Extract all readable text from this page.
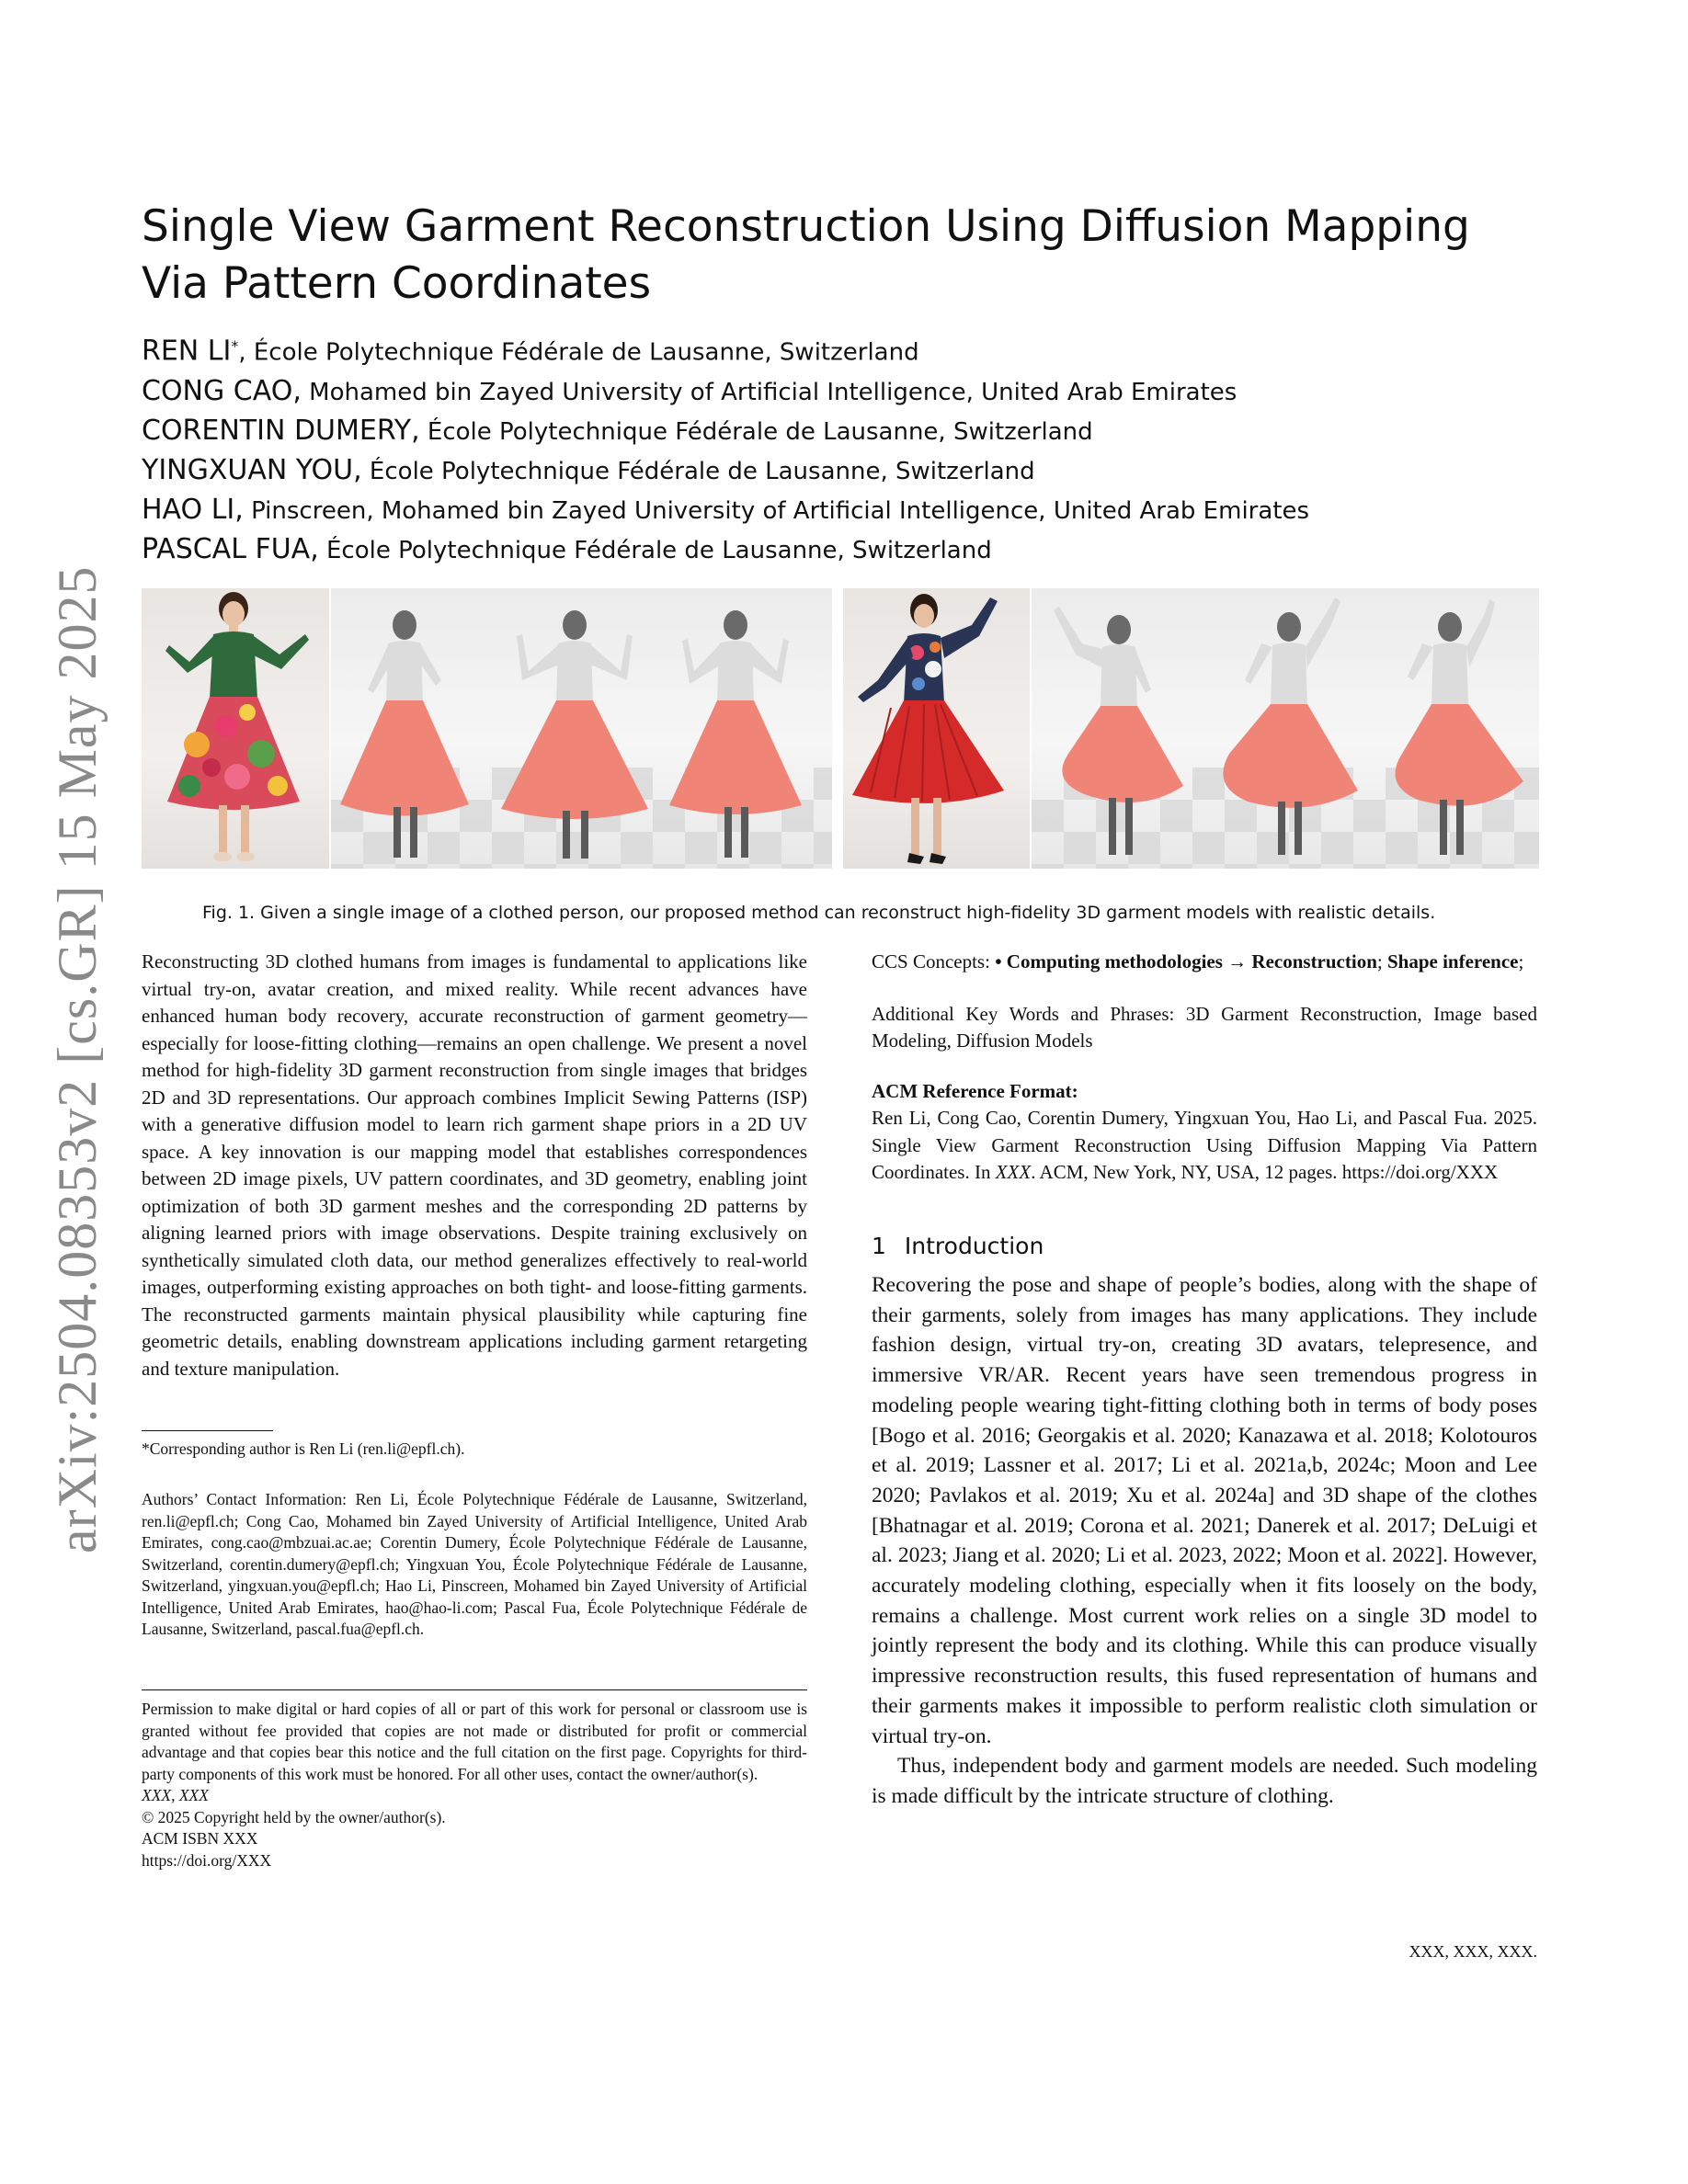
arXiv:2504.08353v2 [cs.GR] 15 May 2025
Single View Garment Reconstruction Using Diffusion Mapping Via Pattern Coordinates
REN LI*, École Polytechnique Fédérale de Lausanne, Switzerland
CONG CAO, Mohamed bin Zayed University of Artificial Intelligence, United Arab Emirates
CORENTIN DUMERY, École Polytechnique Fédérale de Lausanne, Switzerland
YINGXUAN YOU, École Polytechnique Fédérale de Lausanne, Switzerland
HAO LI, Pinscreen, Mohamed bin Zayed University of Artificial Intelligence, United Arab Emirates
PASCAL FUA, École Polytechnique Fédérale de Lausanne, Switzerland
Fig. 1. Given a single image of a clothed person, our proposed method can reconstruct high-fidelity 3D garment models with realistic details.
Reconstructing 3D clothed humans from images is fundamental to applications like virtual try-on, avatar creation, and mixed reality. While recent advances have enhanced human body recovery, accurate reconstruction of garment geometry—especially for loose-fitting clothing—remains an open challenge. We present a novel method for high-fidelity 3D garment reconstruction from single images that bridges 2D and 3D representations. Our approach combines Implicit Sewing Patterns (ISP) with a generative diffusion model to learn rich garment shape priors in a 2D UV space. A key innovation is our mapping model that establishes correspondences between 2D image pixels, UV pattern coordinates, and 3D geometry, enabling joint optimization of both 3D garment meshes and the corresponding 2D patterns by aligning learned priors with image observations. Despite training exclusively on synthetically simulated cloth data, our method generalizes effectively to real-world images, outperforming existing approaches on both tight- and loose-fitting garments. The reconstructed garments maintain physical plausibility while capturing fine geometric details, enabling downstream applications including garment retargeting and texture manipulation.
*Corresponding author is Ren Li (ren.li@epfl.ch).
Authors’ Contact Information: Ren Li, École Polytechnique Fédérale de Lausanne, Switzerland, ren.li@epfl.ch; Cong Cao, Mohamed bin Zayed University of Artificial Intelligence, United Arab Emirates, cong.cao@mbzuai.ac.ae; Corentin Dumery, École Polytechnique Fédérale de Lausanne, Switzerland, corentin.dumery@epfl.ch; Yingxuan You, École Polytechnique Fédérale de Lausanne, Switzerland, yingxuan.you@epfl.ch; Hao Li, Pinscreen, Mohamed bin Zayed University of Artificial Intelligence, United Arab Emirates, hao@hao-li.com; Pascal Fua, École Polytechnique Fédérale de Lausanne, Switzerland, pascal.fua@epfl.ch.
Permission to make digital or hard copies of all or part of this work for personal or classroom use is granted without fee provided that copies are not made or distributed for profit or commercial advantage and that copies bear this notice and the full citation on the first page. Copyrights for third-party components of this work must be honored. For all other uses, contact the owner/author(s).
XXX, XXX
© 2025 Copyright held by the owner/author(s).
ACM ISBN XXX
https://doi.org/XXX
CCS Concepts: • Computing methodologies → Reconstruction; Shape inference;
Additional Key Words and Phrases: 3D Garment Reconstruction, Image based Modeling, Diffusion Models
ACM Reference Format:
Ren Li, Cong Cao, Corentin Dumery, Yingxuan You, Hao Li, and Pascal Fua. 2025. Single View Garment Reconstruction Using Diffusion Mapping Via Pattern Coordinates. In XXX. ACM, New York, NY, USA, 12 pages. https://doi.org/XXX
1 Introduction
Recovering the pose and shape of people’s bodies, along with the shape of their garments, solely from images has many applications. They include fashion design, virtual try-on, creating 3D avatars, telepresence, and immersive VR/AR. Recent years have seen tremendous progress in modeling people wearing tight-fitting clothing both in terms of body poses [Bogo et al. 2016; Georgakis et al. 2020; Kanazawa et al. 2018; Kolotouros et al. 2019; Lassner et al. 2017; Li et al. 2021a,b, 2024c; Moon and Lee 2020; Pavlakos et al. 2019; Xu et al. 2024a] and 3D shape of the clothes [Bhatnagar et al. 2019; Corona et al. 2021; Danerek et al. 2017; DeLuigi et al. 2023; Jiang et al. 2020; Li et al. 2023, 2022; Moon et al. 2022]. However, accurately modeling clothing, especially when it fits loosely on the body, remains a challenge. Most current work relies on a single 3D model to jointly represent the body and its clothing. While this can produce visually impressive reconstruction results, this fused representation of humans and their garments makes it impossible to perform realistic cloth simulation or virtual try-on.
Thus, independent body and garment models are needed. Such modeling is made difficult by the intricate structure of clothing.
XXX, XXX, XXX.
